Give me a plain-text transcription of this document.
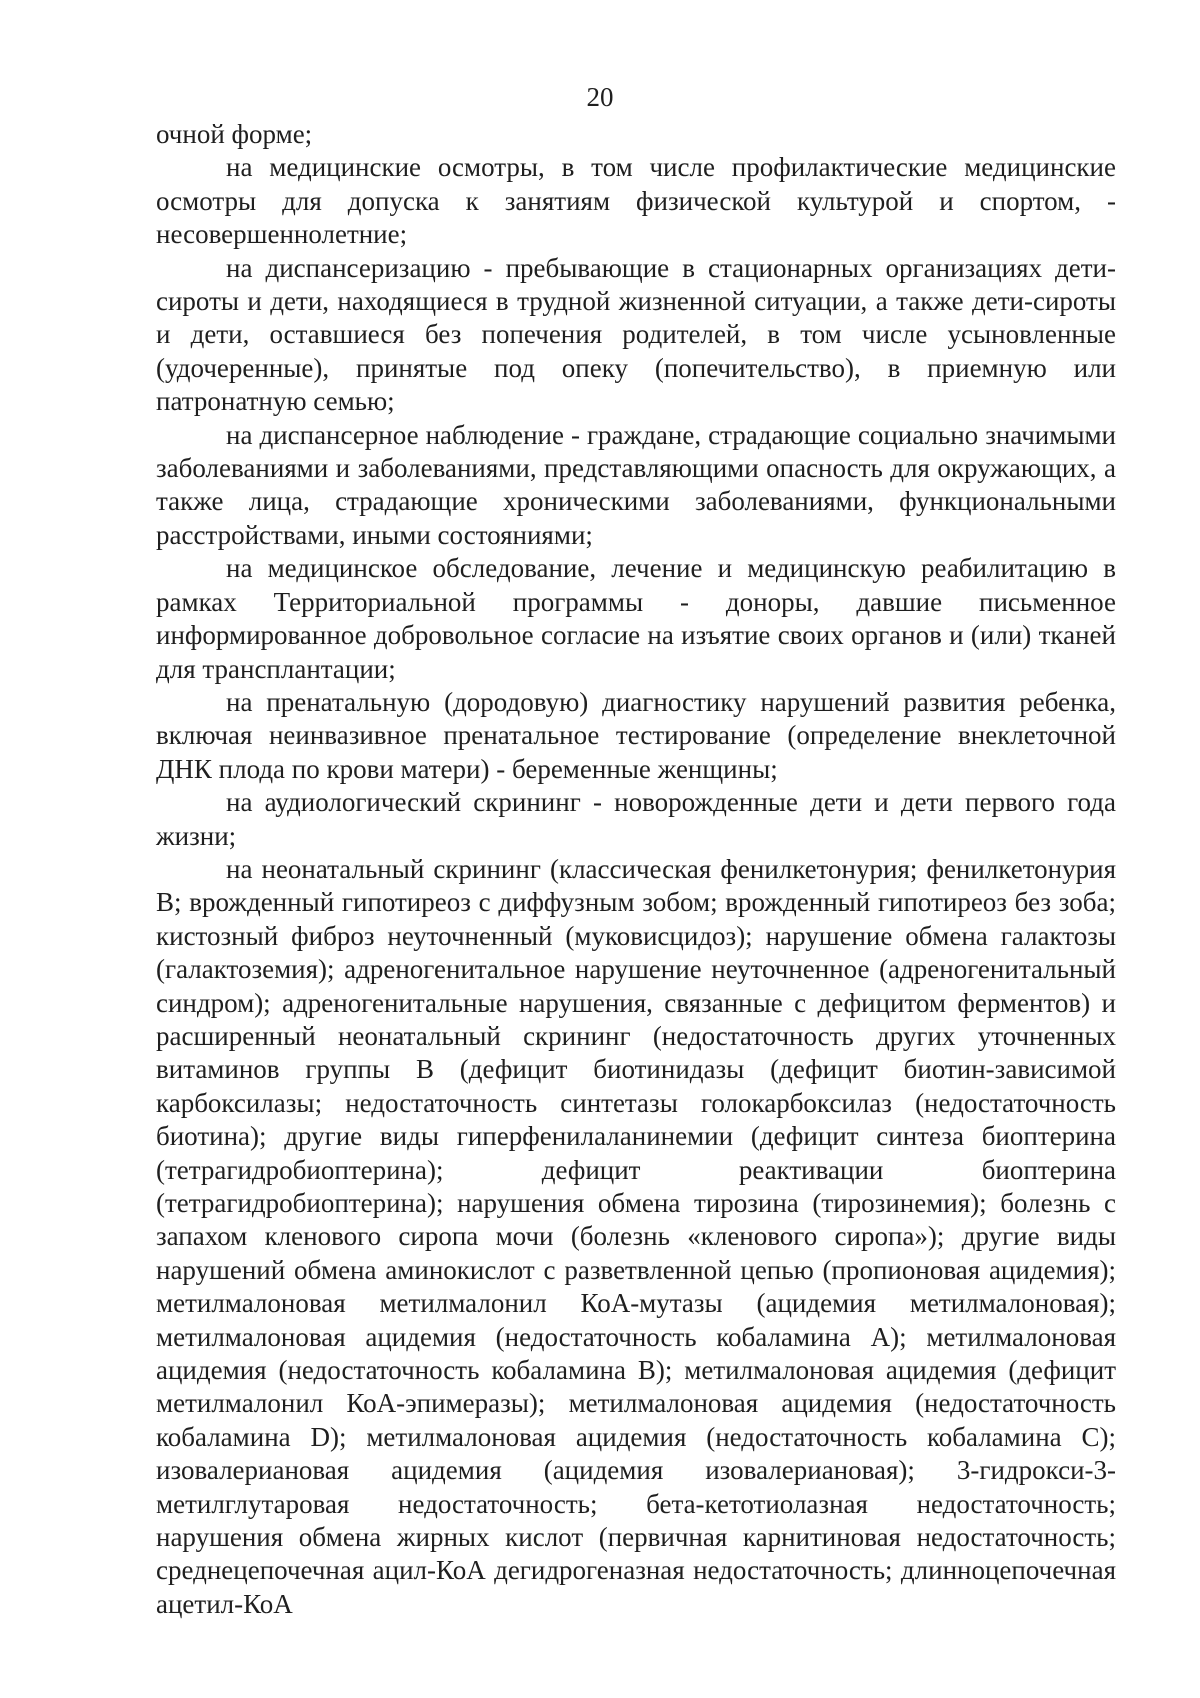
20

очной форме;

на медицинские осмотры, в том числе профилактические медицинские осмотры для допуска к занятиям физической культурой и спортом, - несовершеннолетние;

на диспансеризацию - пребывающие в стационарных организациях дети-сироты и дети, находящиеся в трудной жизненной ситуации, а также дети-сироты и дети, оставшиеся без попечения родителей, в том числе усыновленные (удочеренные), принятые под опеку (попечительство), в приемную или патронатную семью;

на диспансерное наблюдение - граждане, страдающие социально значимыми заболеваниями и заболеваниями, представляющими опасность для окружающих, а также лица, страдающие хроническими заболеваниями, функциональными расстройствами, иными состояниями;

на медицинское обследование, лечение и медицинскую реабилитацию в рамках Территориальной программы - доноры, давшие письменное информированное добровольное согласие на изъятие своих органов и (или) тканей для трансплантации;

на пренатальную (дородовую) диагностику нарушений развития ребенка, включая неинвазивное пренатальное тестирование (определение внеклеточной ДНК плода по крови матери) - беременные женщины;

на аудиологический скрининг - новорожденные дети и дети первого года жизни;

на неонатальный скрининг (классическая фенилкетонурия; фенилкетонурия B; врожденный гипотиреоз с диффузным зобом; врожденный гипотиреоз без зоба; кистозный фиброз неуточненный (муковисцидоз); нарушение обмена галактозы (галактоземия); адреногенитальное нарушение неуточненное (адреногенитальный синдром); адреногенитальные нарушения, связанные с дефицитом ферментов) и расширенный неонатальный скрининг (недостаточность других уточненных витаминов группы B (дефицит биотинидазы (дефицит биотин-зависимой карбоксилазы; недостаточность синтетазы голокарбоксилаз (недостаточность биотина); другие виды гиперфенилаланинемии (дефицит синтеза биоптерина (тетрагидробиоптерина); дефицит реактивации биоптерина (тетрагидробиоптерина); нарушения обмена тирозина (тирозинемия); болезнь с запахом кленового сиропа мочи (болезнь «кленового сиропа»); другие виды нарушений обмена аминокислот с разветвленной цепью (пропионовая ацидемия); метилмалоновая метилмалонил КоА-мутазы (ацидемия метилмалоновая); метилмалоновая ацидемия (недостаточность кобаламина A); метилмалоновая ацидемия (недостаточность кобаламина B); метилмалоновая ацидемия (дефицит метилмалонил КоА-эпимеразы); метилмалоновая ацидемия (недостаточность кобаламина D); метилмалоновая ацидемия (недостаточность кобаламина C); изовалериановая ацидемия (ацидемия изовалериановая); 3-гидрокси-3-метилглутаровая недостаточность; бета-кетотиолазная недостаточность; нарушения обмена жирных кислот (первичная карнитиновая недостаточность; среднецепочечная ацил-КоА дегидрогеназная недостаточность; длинноцепочечная ацетил-КоА
